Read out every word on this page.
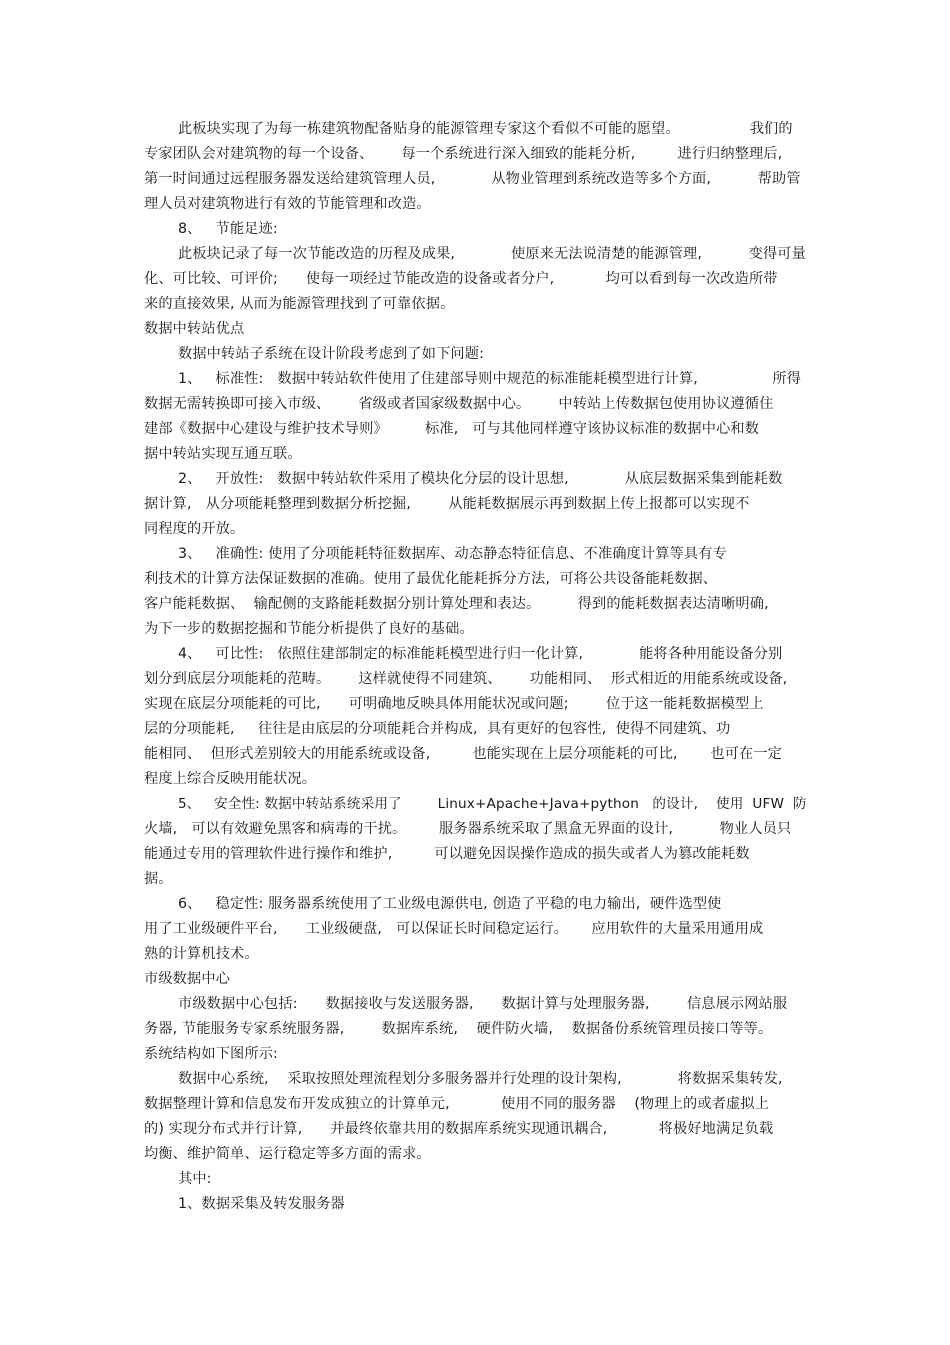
此板块实现了为每一栋建筑物配备贴身的能源管理专家这个看似不可能的愿望。               我们的
专家团队会对建筑物的每一个设备、      每一个系统进行深入细致的能耗分析,         进行归纳整理后,
第一时间通过远程服务器发送给建筑管理人员,            从物业管理到系统改造等多个方面,          帮助管
理人员对建筑物进行有效的节能管理和改造。
8、   节能足迹:
此板块记录了每一次节能改造的历程及成果,            使原来无法说清楚的能源管理,          变得可量
化、可比较、可评价;      使每一项经过节能改造的设备或者分户,           均可以看到每一次改造所带
来的直接效果, 从而为能源管理找到了可靠依据。
数据中转站优点
数据中转站子系统在设计阶段考虑到了如下问题:
1、   标准性:   数据中转站软件使用了住建部导则中规范的标准能耗模型进行计算,                所得
数据无需转换即可接入市级、      省级或者国家级数据中心。      中转站上传数据包使用协议遵循住
建部《数据中心建设与维护技术导则》        标准,   可与其他同样遵守该协议标准的数据中心和数
据中转站实现互通互联。
2、   开放性:   数据中转站软件采用了模块化分层的设计思想,            从底层数据采集到能耗数
据计算,   从分项能耗整理到数据分析挖掘,        从能耗数据展示再到数据上传上报都可以实现不
同程度的开放。
3、   准确性: 使用了分项能耗特征数据库、动态静态特征信息、不准确度计算等具有专
利技术的计算方法保证数据的准确。使用了最优化能耗拆分方法,  可将公共设备能耗数据、
客户能耗数据、  输配侧的支路能耗数据分别计算处理和表达。        得到的能耗数据表达清晰明确,
为下一步的数据挖掘和节能分析提供了良好的基础。
4、   可比性:   依照住建部制定的标准能耗模型进行归一化计算,            能将各种用能设备分别
划分到底层分项能耗的范畴。      这样就使得不同建筑、      功能相同、  形式相近的用能系统或设备,
实现在底层分项能耗的可比,      可明确地反映具体用能状况或问题;        位于这一能耗数据模型上
层的分项能耗,     往往是由底层的分项能耗合并构成,  具有更好的包容性,  使得不同建筑、功
能相同、  但形式差别较大的用能系统或设备,         也能实现在上层分项能耗的可比,       也可在一定
程度上综合反映用能状况。
5、   安全性: 数据中转站系统采用了        Linux+Apache+Java+python   的设计,    使用  UFW  防
火墙,   可以有效避免黑客和病毒的干扰。       服务器系统采取了黑盒无界面的设计,          物业人员只
能通过专用的管理软件进行操作和维护,         可以避免因误操作造成的损失或者人为篡改能耗数
据。
6、   稳定性: 服务器系统使用了工业级电源供电, 创造了平稳的电力输出,  硬件选型使
用了工业级硬件平台,      工业级硬盘,   可以保证长时间稳定运行。     应用软件的大量采用通用成
熟的计算机技术。
市级数据中心
市级数据中心包括:      数据接收与发送服务器,      数据计算与处理服务器,        信息展示网站服
务器, 节能服务专家系统服务器,        数据库系统,    硬件防火墙,    数据备份系统管理员接口等等。
系统结构如下图所示:
数据中心系统,    采取按照处理流程划分多服务器并行处理的设计架构,            将数据采集转发,
数据整理计算和信息发布开发成独立的计算单元,           使用不同的服务器    (物理上的或者虚拟上
的) 实现分布式并行计算,      并最终依靠共用的数据库系统实现通讯耦合,           将极好地满足负载
均衡、维护简单、运行稳定等多方面的需求。
其中:
1、数据采集及转发服务器
